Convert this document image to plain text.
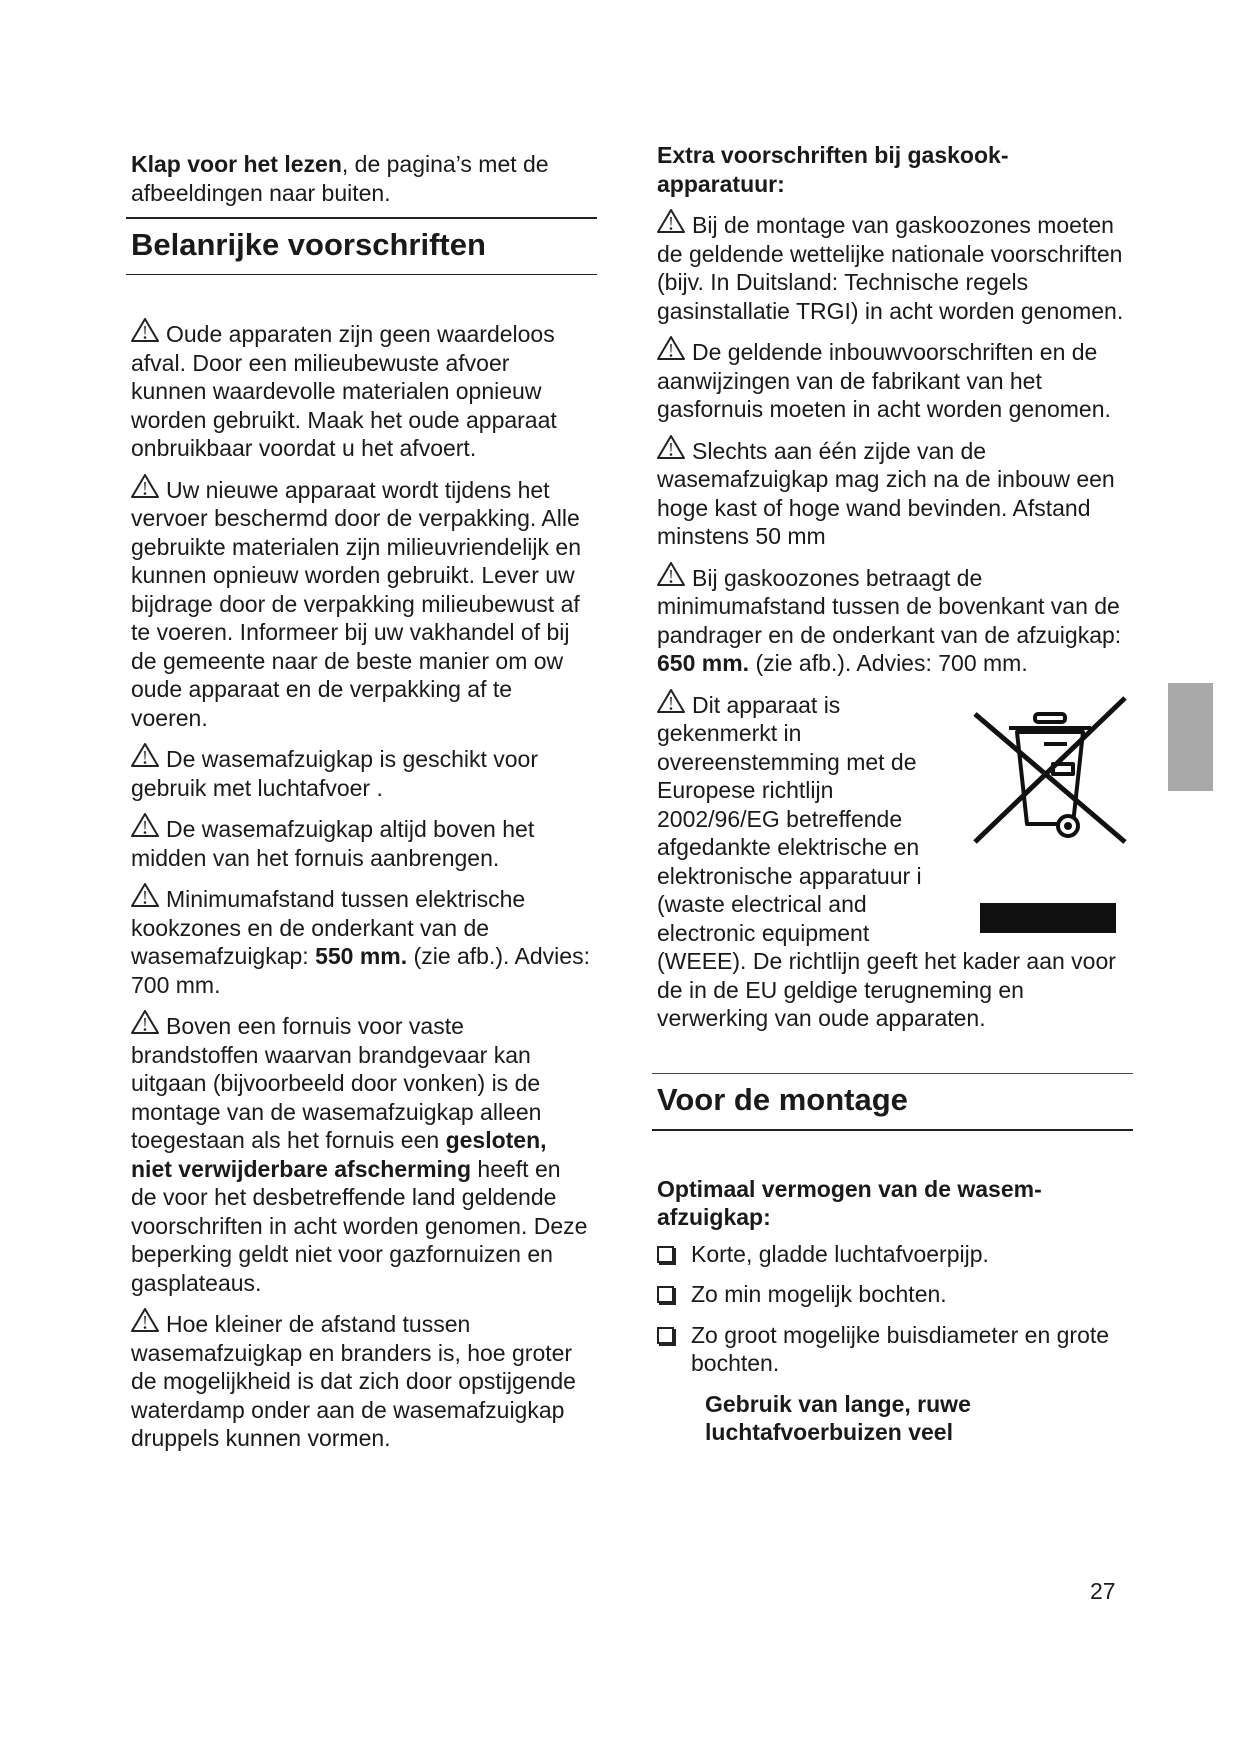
Klap voor het lezen, de pagina’s met de afbeeldingen naar buiten.

Belanrijke voorschriften

Oude apparaten zijn geen waardeloos afval. Door een milieubewuste afvoer kunnen waardevolle materialen opnieuw worden gebruikt. Maak het oude apparaat onbruikbaar voordat u het afvoert.

Uw nieuwe apparaat wordt tijdens het vervoer beschermd door de verpakking. Alle gebruikte materialen zijn milieuvriendelijk en kunnen opnieuw worden gebruikt. Lever uw bijdrage door de verpakking milieubewust af te voeren. Informeer bij uw vakhandel of bij de gemeente naar de beste manier om ow oude apparaat en de verpakking af te voeren.

De wasemafzuigkap is geschikt voor gebruik met luchtafvoer .

De wasemafzuigkap altijd boven het midden van het fornuis aanbrengen.

Minimumafstand tussen elektrische kookzones en de onderkant van de wasemafzuigkap: 550 mm. (zie afb.). Advies: 700 mm.

Boven een fornuis voor vaste brandstoffen waarvan brandgevaar kan uitgaan (bijvoorbeeld door vonken) is de montage van de wasemafzuigkap alleen toegestaan als het fornuis een gesloten, niet verwijderbare afscherming heeft en de voor het desbetreffende land geldende voorschriften in acht worden genomen. Deze beperking geldt niet voor gazfornuizen en gasplateaus.

Hoe kleiner de afstand tussen wasemafzuigkap en branders is, hoe groter de mogelijkheid is dat zich door opstijgende waterdamp onder aan de wasemafzuigkap druppels kunnen vormen.

Extra voorschriften bij gaskook-apparatuur:

Bij de montage van gaskoozones moeten de geldende wettelijke nationale voorschriften (bijv. In Duitsland: Technische regels gasinstallatie TRGI) in acht worden genomen.

De geldende inbouwvoorschriften en de aanwijzingen van de fabrikant van het gasfornuis moeten in acht worden genomen.

Slechts aan één zijde van de wasemafzuigkap mag zich na de inbouw een hoge kast of hoge wand bevinden. Afstand minstens 50 mm

Bij gaskoozones betraagt de minimumafstand tussen de bovenkant van de pandrager en de onderkant van de afzuigkap: 650 mm. (zie afb.). Advies: 700 mm.

Dit apparaat is gekenmerkt in overeenstemming met de Europese richtlijn 2002/96/EG betreffende afgedankte elektrische en elektronische apparatuur i (waste electrical and electronic equipment

(WEEE). De richtlijn geeft het kader aan voor de in de EU geldige terugneming en verwerking van oude apparaten.

Voor de montage

Optimaal vermogen van de wasem-afzuigkap:

Korte, gladde luchtafvoerpijp.

Zo min mogelijk bochten.

Zo groot mogelijke buisdiameter en grote bochten.

Gebruik van lange, ruwe luchtafvoerbuizen veel

27
